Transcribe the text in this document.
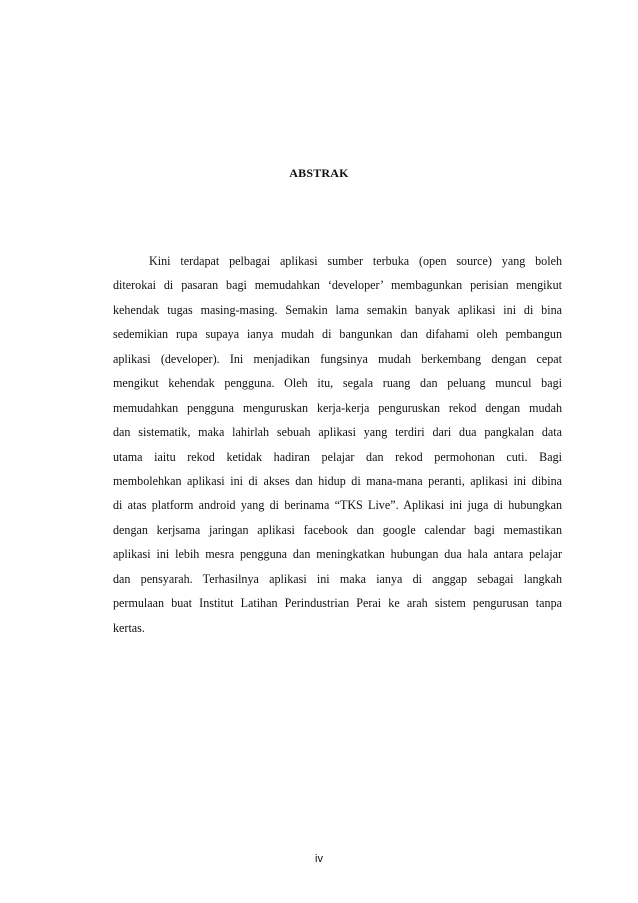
ABSTRAK
Kini terdapat pelbagai aplikasi sumber terbuka (open source) yang boleh
diterokai di pasaran bagi memudahkan ‘developer’ membagunkan perisian mengikut
kehendak tugas masing-masing. Semakin lama semakin banyak aplikasi ini di bina
sedemikian rupa supaya ianya mudah di bangunkan dan difahami oleh pembangun
aplikasi (developer). Ini menjadikan fungsinya mudah berkembang dengan cepat
mengikut kehendak pengguna. Oleh itu, segala ruang dan peluang muncul bagi
memudahkan pengguna menguruskan kerja-kerja penguruskan rekod dengan mudah
dan sistematik, maka lahirlah sebuah aplikasi yang terdiri dari dua pangkalan data
utama iaitu rekod ketidak hadiran pelajar dan rekod permohonan cuti. Bagi
membolehkan aplikasi ini di akses dan hidup di mana-mana peranti, aplikasi ini dibina
di atas platform android yang di berinama “TKS Live”. Aplikasi ini juga di hubungkan
dengan kerjsama jaringan aplikasi facebook dan google calendar bagi memastikan
aplikasi ini lebih mesra pengguna dan meningkatkan hubungan dua hala antara pelajar
dan pensyarah. Terhasilnya aplikasi ini maka ianya di anggap sebagai langkah
permulaan buat Institut Latihan Perindustrian Perai ke arah sistem pengurusan tanpa
kertas.
iv
